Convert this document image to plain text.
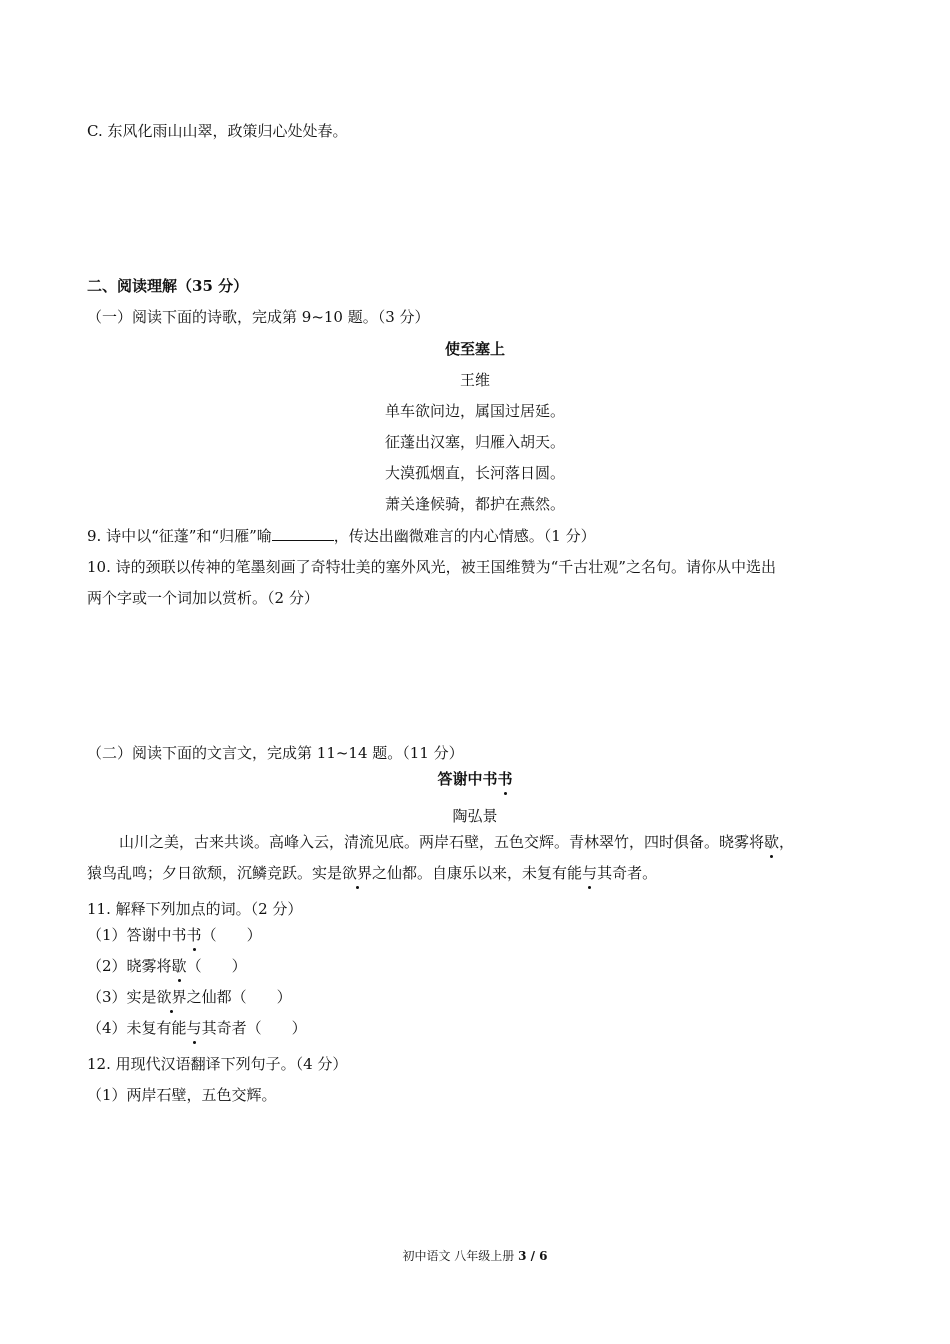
C. 东风化雨山山翠，政策归心处处春。
二、阅读理解（35 分）
（一）阅读下面的诗歌，完成第 9~10 题。（3 分）
使至塞上
王维
单车欲问边，属国过居延。
征蓬出汉塞，归雁入胡天。
大漠孤烟直，长河落日圆。
萧关逢候骑，都护在燕然。
9. 诗中以“征蓬”和“归雁”喻	，传达出幽微难言的内心情感。（1 分）
10. 诗的颈联以传神的笔墨刻画了奇特壮美的塞外风光，被王国维赞为“千古壮观”之名句。请你从中选出
两个字或一个词加以赏析。（2 分）
（二）阅读下面的文言文，完成第 11~14 题。（11 分）
答谢中书书
陶弘景
山川之美，古来共谈。高峰入云，清流见底。两岸石壁，五色交辉。青林翠竹，四时俱备。晓雾将歇，
猿鸟乱鸣；夕日欲颓，沉鳞竞跃。实是欲界之仙都。自康乐以来，未复有能与其奇者。
11. 解释下列加点的词。（2 分）
（1）答谢中书书（　　）
（2）晓雾将歇（　　）
（3）实是欲界之仙都（　　）
（4）未复有能与其奇者（　　）
12. 用现代汉语翻译下列句子。（4 分）
（1）两岸石壁，五色交辉。
初中语文 八年级上册 3 / 6
